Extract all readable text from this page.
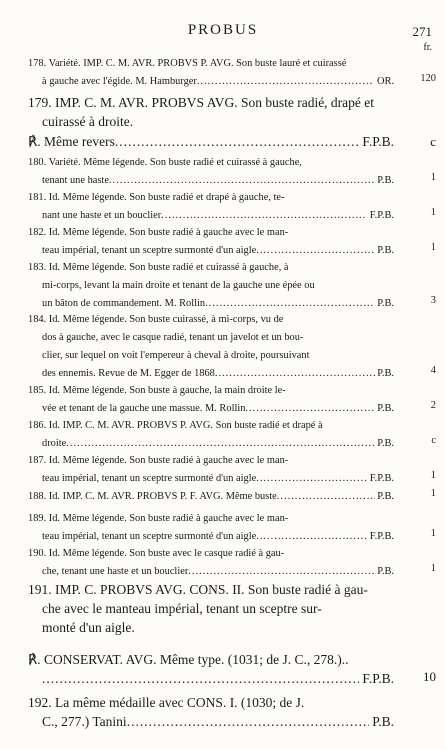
PROBUS	271
fr.
178. Variété. IMP. C. M. AVR. PROBVS P. AVG. Son buste lauré et cuirassé
à gauche avec l'égide. M. Hamburger .....	OR.	120
179. IMP. C. M. AVR. PROBVS AVG. Son buste radié, drapé et
cuirassé à droite.
℟. Même revers .....	F.P.B.	c
180. Variété. Même légende. Son buste radié et cuirassé à gauche,
tenant une haste .....	P.B.	1
181. Id. Même légende. Son buste radié et drapé à gauche, te-
nant une haste et un bouclier .....	F.P.B.	1
182. Id. Même légende. Son buste radié à gauche avec le man-
teau impérial, tenant un sceptre surmonté d'un aigle .....	P.B.	1
183. Id. Même légende. Son buste radié et cuirassé à gauche, à
mi-corps, levant la main droite et tenant de la gauche une épée ou
un bâton de commandement. M. Rollin .....	P.B.	3
184. Id. Même légende. Son buste cuirassé, à mi-corps, vu de
dos à gauche, avec le casque radié, tenant un javelot et un bou-
clier, sur lequel on voit l'empereur à cheval à droite, poursuivant
des ennemis. Revue de M. Egger de 1868 .....	P.B.	4
185. Id. Même légende. Son buste à gauche, la main droite le-
vée et tenant de la gauche une massue. M. Rollin .....	P.B.	2
186. Id. IMP. C. M. AVR. PROBVS P. AVG. Son buste radié et drapé à
droite .....	P.B.	c
187. Id. Même légende. Son buste radié à gauche avec le man-
teau impérial, tenant un sceptre surmonté d'un aigle .....	F.P.B.	1
188. Id. IMP. C. M. AVR. PROBVS P. F. AVG. Même buste .....	P.B.	1
189. Id. Même légende. Son buste radié à gauche avec le man-
teau impérial, tenant un sceptre surmonté d'un aigle .....	F.P.B.	1
190. Id. Même légende. Son buste avec le casque radié à gau-
che, tenant une haste et un bouclier .....	P.B.	1
191. IMP. C. PROBVS AVG. CONS. II. Son buste radié à gau-
che avec le manteau impérial, tenant un sceptre sur-
monté d'un aigle.
℟. CONSERVAT. AVG. Même type. (1031; de J. C., 278.)..
.....
F.P.B.	10
192. La même médaille avec CONS. I. (1030; de J.
C., 277.) Tanini .....	P.B.
